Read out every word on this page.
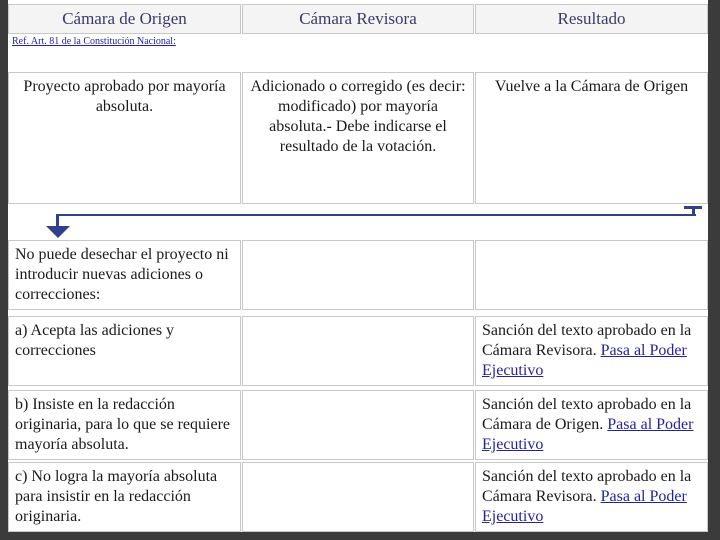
Cámara de Origen	Cámara Revisora	Resultado
Ref. Art. 81 de la Constitución Nacional:
Proyecto aprobado por mayoría absoluta.
Adicionado o corregido (es decir: modificado) por mayoría absoluta.- Debe indicarse el resultado de la votación.
Vuelve a la Cámara de Origen
No puede desechar el proyecto ni introducir nuevas adiciones o correcciones:
a) Acepta las adiciones y correcciones
Sanción del texto aprobado en la Cámara Revisora. Pasa al Poder Ejecutivo
b) Insiste en la redacción originaria, para lo que se requiere mayoría absoluta.
Sanción del texto aprobado en la Cámara de Origen. Pasa al Poder Ejecutivo
c) No logra la mayoría absoluta para insistir en la redacción originaria.
Sanción del texto aprobado en la Cámara Revisora. Pasa al Poder Ejecutivo
